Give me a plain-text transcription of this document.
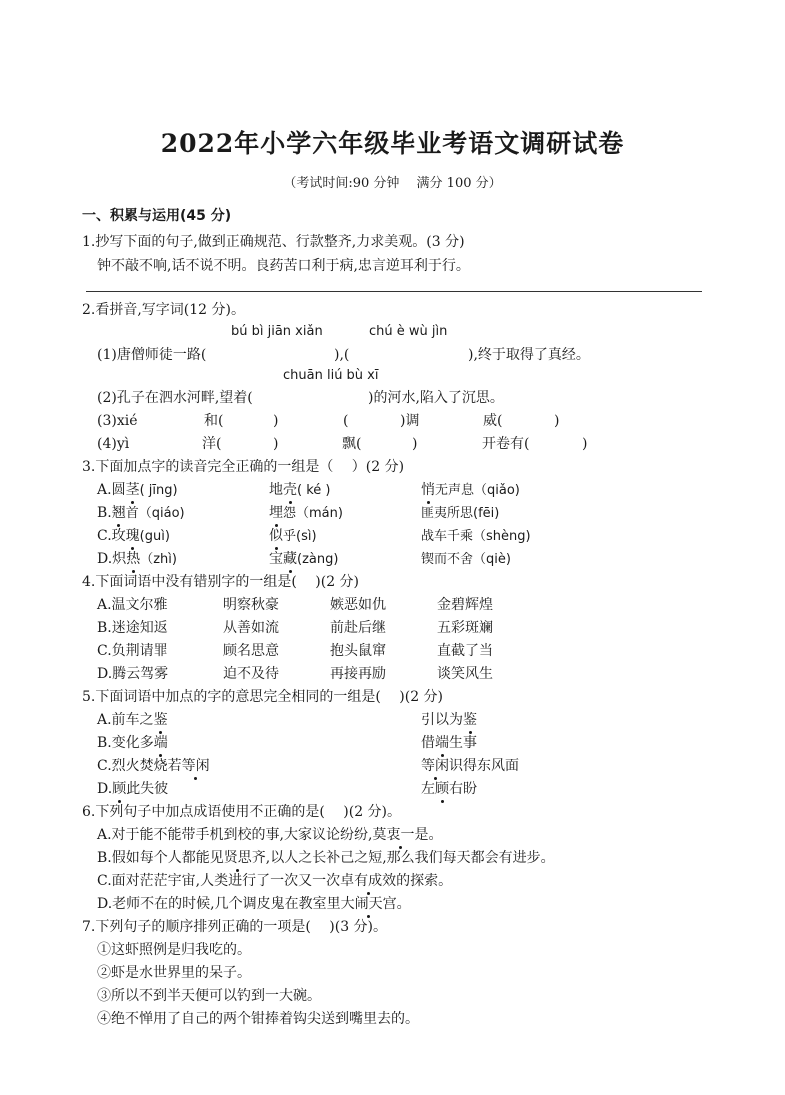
2022年小学六年级毕业考语文调研试卷
（考试时间:90 分钟　 满分 100 分）
一、积累与运用(45 分)
1.抄写下面的句子,做到正确规范、行款整齐,力求美观。(3 分)
钟不敲不响,话不说不明。良药苦口利于病,忠言逆耳利于行。
2.看拼音,写字词(12 分)。
bú bì jiān xiǎn	chú è wù jìn
(1)唐僧师徒一路(	),(	),终于取得了真经。
chuān liú bù xī
(2)孔子在泗水河畔,望着(	)的河水,陷入了沉思。
(3)xié	和(	)	(	)调	威(	)
(4)yì	洋(	)	飘(	)	开卷有(	)
3.下面加点字的读音完全正确的一组是（　 ）(2 分)
A.圆茎( jīng)	地壳( ké )	悄无声息（qiǎo)
B.翘首（qiáo)	埋怨（mán)	匪夷所思(fēi)
C.玫瑰(guì)	似乎(sì)	战车千乘（shèng)
D.炽热（zhì)	宝藏(zàng)	锲而不舍（qiè)
4.下面词语中没有错别字的一组是(　 )(2 分)
A.温文尔雅	明察秋豪	嫉恶如仇	金碧辉煌
B.迷途知返	从善如流	前赴后继	五彩斑斓
C.负荆请罪	顾名思意	抱头鼠窜	直截了当
D.腾云驾雾	迫不及待	再接再励	谈笑风生
5.下面词语中加点的字的意思完全相同的一组是(　 )(2 分)
A.前车之鉴	引以为鉴
B.变化多端	借端生事
C.烈火焚烧若等闲	等闲识得东风面
D.顾此失彼	左顾右盼
6.下列句子中加点成语使用不正确的是(　 )(2 分)。
A.对于能不能带手机到校的事,大家议论纷纷,莫衷一是。
B.假如每个人都能见贤思齐,以人之长补己之短,那么我们每天都会有进步。
C.面对茫茫宇宙,人类进行了一次又一次卓有成效的探索。
D.老师不在的时候,几个调皮鬼在教室里大闹天宫。
7.下列句子的顺序排列正确的一项是(　 )(3 分)。
①这虾照例是归我吃的。
②虾是水世界里的呆子。
③所以不到半天便可以钓到一大碗。
④绝不惮用了自己的两个钳捧着钩尖送到嘴里去的。
